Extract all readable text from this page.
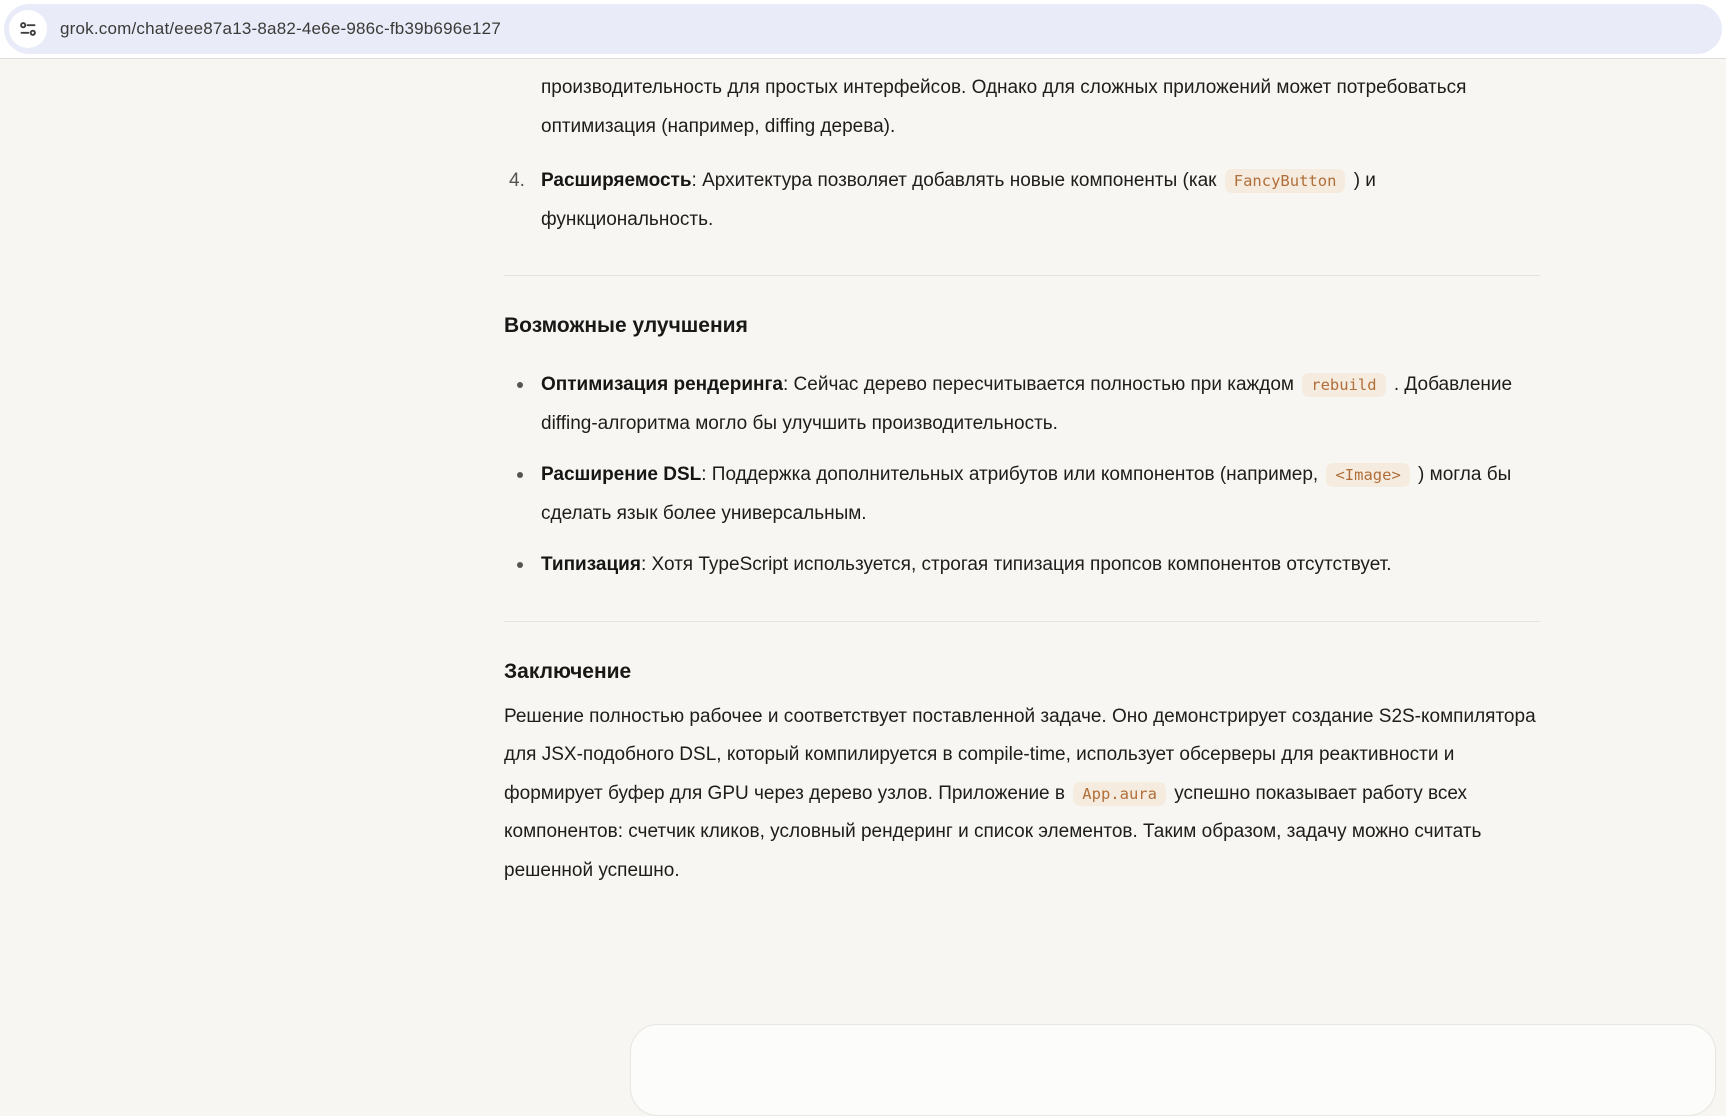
grok.com/chat/eee87a13-8a82-4e6e-986c-fb39b696e127

производительность для простых интерфейсов. Однако для сложных приложений может потребоваться оптимизация (например, diffing дерева).

4. Расширяемость: Архитектура позволяет добавлять новые компоненты (как FancyButton ) и функциональность.
Возможные улучшения
Оптимизация рендеринга: Сейчас дерево пересчитывается полностью при каждом rebuild . Добавление diffing-алгоритма могло бы улучшить производительность.
Расширение DSL: Поддержка дополнительных атрибутов или компонентов (например, <Image> ) могла бы сделать язык более универсальным.
Типизация: Хотя TypeScript используется, строгая типизация пропсов компонентов отсутствует.
Заключение

Решение полностью рабочее и соответствует поставленной задаче. Оно демонстрирует создание S2S-компилятора для JSX-подобного DSL, который компилируется в compile-time, использует обсерверы для реактивности и формирует буфер для GPU через дерево узлов. Приложение в App.aura успешно показывает работу всех компонентов: счетчик кликов, условный рендеринг и список элементов. Таким образом, задачу можно считать решенной успешно.
